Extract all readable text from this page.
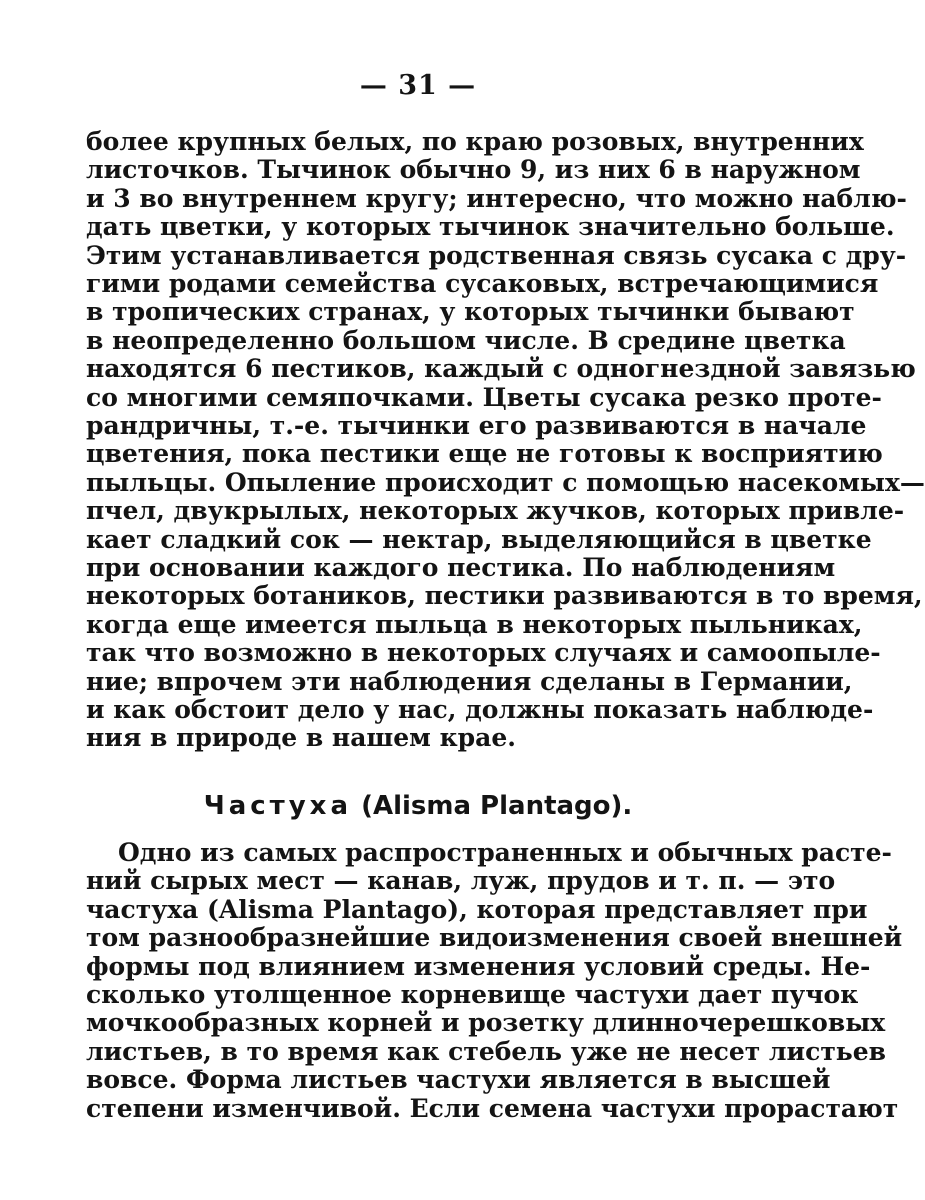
— 31 —
более крупных белых, по краю розовых, внутренних
листочков. Тычинок обычно 9, из них 6 в наружном
и 3 во внутреннем кругу; интересно, что можно наблю-
дать цветки, у которых тычинок значительно больше.
Этим устанавливается родственная связь сусака с дру-
гими родами семейства сусаковых, встречающимися
в тропических странах, у которых тычинки бывают
в неопределенно большом числе. В средине цветка
находятся 6 пестиков, каждый с одногнездной завязью
со многими семяпочками. Цветы сусака резко проте-
рандричны, т.-е. тычинки его развиваются в начале
цветения, пока пестики еще не готовы к восприятию
пыльцы. Опыление происходит с помощью насекомых—
пчел, двукрылых, некоторых жучков, которых привле-
кает сладкий сок — нектар, выделяющийся в цветке
при основании каждого пестика. По наблюдениям
некоторых ботаников, пестики развиваются в то время,
когда еще имеется пыльца в некоторых пыльниках,
так что возможно в некоторых случаях и самоопыле-
ние; впрочем эти наблюдения сделаны в Германии,
и как обстоит дело у нас, должны показать наблюде-
ния в природе в нашем крае.
Частуха (Alisma Plantago).
Одно из самых распространенных и обычных расте-
ний сырых мест — канав, луж, прудов и т. п. — это
частуха (Alisma Plantago), которая представляет при
том разнообразнейшие видоизменения своей внешней
формы под влиянием изменения условий среды. Не-
сколько утолщенное корневище частухи дает пучок
мочкообразных корней и розетку длинночерешковых
листьев, в то время как стебель уже не несет листьев
вовсе. Форма листьев частухи является в высшей
степени изменчивой. Если семена частухи прорастают
